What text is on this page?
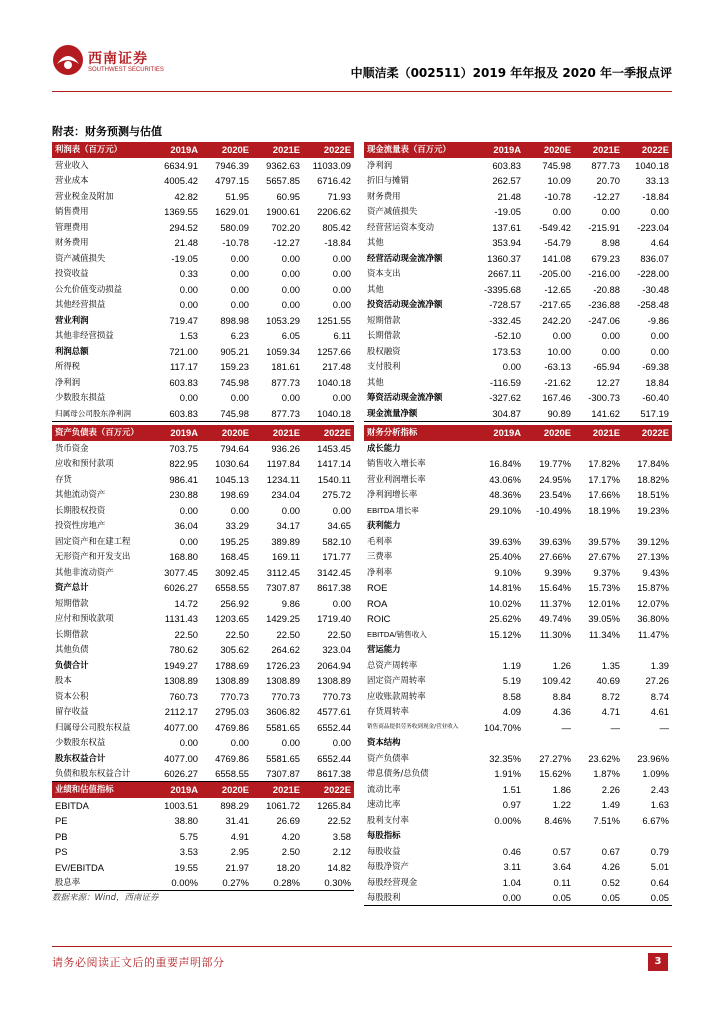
西南证券
SOUTHWEST SECURITIES	中顺洁柔（002511）2019 年年报及 2020 年一季报点评
附表：财务预测与估值
利润表（百万元）	2019A	2020E	2021E	2022E
营业收入	6634.91	7946.39	9362.63	11033.09
营业成本	4005.42	4797.15	5657.85	6716.42
营业税金及附加	42.82	51.95	60.95	71.93
销售费用	1369.55	1629.01	1900.61	2206.62
管理费用	294.52	580.09	702.20	805.42
财务费用	21.48	-10.78	-12.27	-18.84
资产减值损失	-19.05	0.00	0.00	0.00
投资收益	0.33	0.00	0.00	0.00
公允价值变动损益	0.00	0.00	0.00	0.00
其他经营损益	0.00	0.00	0.00	0.00
营业利润	719.47	898.98	1053.29	1251.55
其他非经营损益	1.53	6.23	6.05	6.11
利润总额	721.00	905.21	1059.34	1257.66
所得税	117.17	159.23	181.61	217.48
净利润	603.83	745.98	877.73	1040.18
少数股东损益	0.00	0.00	0.00	0.00
归属母公司股东净利润	603.83	745.98	877.73	1040.18
现金流量表（百万元）	2019A	2020E	2021E	2022E
净利润	603.83	745.98	877.73	1040.18
折旧与摊销	262.57	10.09	20.70	33.13
财务费用	21.48	-10.78	-12.27	-18.84
资产减值损失	-19.05	0.00	0.00	0.00
经营营运资本变动	137.61	-549.42	-215.91	-223.04
其他	353.94	-54.79	8.98	4.64
经营活动现金流净额	1360.37	141.08	679.23	836.07
资本支出	2667.11	-205.00	-216.00	-228.00
其他	-3395.68	-12.65	-20.88	-30.48
投资活动现金流净额	-728.57	-217.65	-236.88	-258.48
短期借款	-332.45	242.20	-247.06	-9.86
长期借款	-52.10	0.00	0.00	0.00
股权融资	173.53	10.00	0.00	0.00
支付股利	0.00	-63.13	-65.94	-69.38
其他	-116.59	-21.62	12.27	18.84
筹资活动现金流净额	-327.62	167.46	-300.73	-60.40
现金流量净额	304.87	90.89	141.62	517.19
资产负债表（百万元）	2019A	2020E	2021E	2022E
货币资金	703.75	794.64	936.26	1453.45
应收和预付款项	822.95	1030.64	1197.84	1417.14
存货	986.41	1045.13	1234.11	1540.11
其他流动资产	230.88	198.69	234.04	275.72
长期股权投资	0.00	0.00	0.00	0.00
投资性房地产	36.04	33.29	34.17	34.65
固定资产和在建工程	0.00	195.25	389.89	582.10
无形资产和开发支出	168.80	168.45	169.11	171.77
其他非流动资产	3077.45	3092.45	3112.45	3142.45
资产总计	6026.27	6558.55	7307.87	8617.38
短期借款	14.72	256.92	9.86	0.00
应付和预收款项	1131.43	1203.65	1429.25	1719.40
长期借款	22.50	22.50	22.50	22.50
其他负债	780.62	305.62	264.62	323.04
负债合计	1949.27	1788.69	1726.23	2064.94
股本	1308.89	1308.89	1308.89	1308.89
资本公积	760.73	770.73	770.73	770.73
留存收益	2112.17	2795.03	3606.82	4577.61
归属母公司股东权益	4077.00	4769.86	5581.65	6552.44
少数股东权益	0.00	0.00	0.00	0.00
股东权益合计	4077.00	4769.86	5581.65	6552.44
负债和股东权益合计	6026.27	6558.55	7307.87	8617.38
业绩和估值指标	2019A	2020E	2021E	2022E
EBITDA	1003.51	898.29	1061.72	1265.84
PE	38.80	31.41	26.69	22.52
PB	5.75	4.91	4.20	3.58
PS	3.53	2.95	2.50	2.12
EV/EBITDA	19.55	21.97	18.20	14.82
股息率	0.00%	0.27%	0.28%	0.30%
财务分析指标	2019A	2020E	2021E	2022E
成长能力				
销售收入增长率	16.84%	19.77%	17.82%	17.84%
营业利润增长率	43.06%	24.95%	17.17%	18.82%
净利润增长率	48.36%	23.54%	17.66%	18.51%
EBITDA 增长率	29.10%	-10.49%	18.19%	19.23%
获利能力				
毛利率	39.63%	39.63%	39.57%	39.12%
三费率	25.40%	27.66%	27.67%	27.13%
净利率	9.10%	9.39%	9.37%	9.43%
ROE	14.81%	15.64%	15.73%	15.87%
ROA	10.02%	11.37%	12.01%	12.07%
ROIC	25.62%	49.74%	39.05%	36.80%
EBITDA/销售收入	15.12%	11.30%	11.34%	11.47%
营运能力				
总资产周转率	1.19	1.26	1.35	1.39
固定资产周转率	5.19	109.42	40.69	27.26
应收账款周转率	8.58	8.84	8.72	8.74
存货周转率	4.09	4.36	4.71	4.61
销售商品提供劳务收到现金/营业收入	104.70%	—	—	—
资本结构				
资产负债率	32.35%	27.27%	23.62%	23.96%
带息债务/总负债	1.91%	15.62%	1.87%	1.09%
流动比率	1.51	1.86	2.26	2.43
速动比率	0.97	1.22	1.49	1.63
股利支付率	0.00%	8.46%	7.51%	6.67%
每股指标				
每股收益	0.46	0.57	0.67	0.79
每股净资产	3.11	3.64	4.26	5.01
每股经营现金	1.04	0.11	0.52	0.64
每股股利	0.00	0.05	0.05	0.05
数据来源：Wind，西南证券
请务必阅读正文后的重要声明部分	3
